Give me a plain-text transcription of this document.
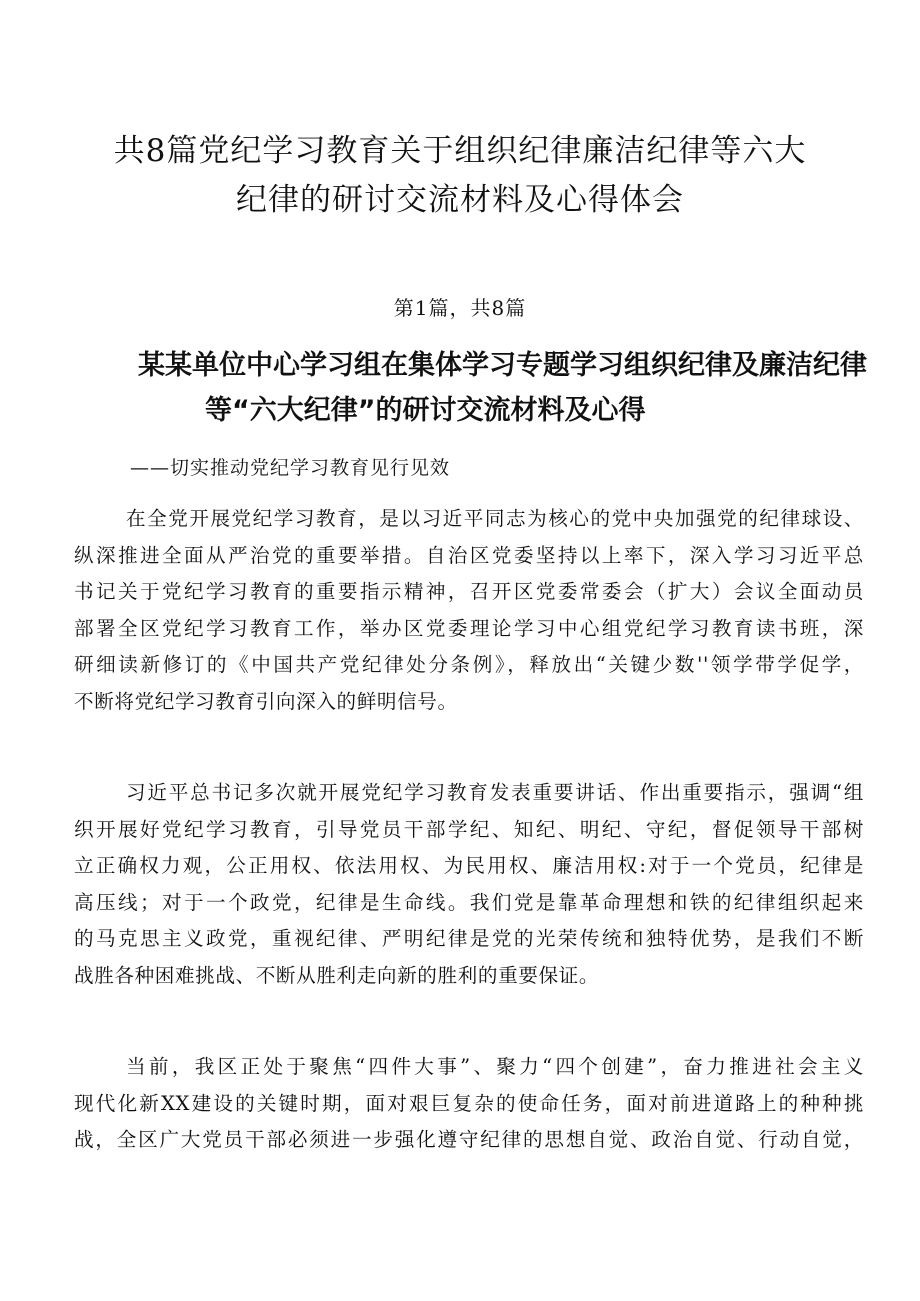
共8篇党纪学习教育关于组织纪律廉洁纪律等六大
纪律的研讨交流材料及心得体会
第1篇，共8篇
某某单位中心学习组在集体学习专题学习组织纪律及廉洁纪律
等“六大纪律”的研讨交流材料及心得
——切实推动党纪学习教育见行见效
在全党开展党纪学习教育，是以习近平同志为核心的党中央加强党的纪律球设、
纵深推进全面从严治党的重要举措。自治区党委坚持以上率下，深入学习习近平总
书记关于党纪学习教育的重要指示精神，召开区党委常委会（扩大）会议全面动员
部署全区党纪学习教育工作，举办区党委理论学习中心组党纪学习教育读书班，深
研细读新修订的《中国共产党纪律处分条例》，释放出“关键少数''领学带学促学，
不断将党纪学习教育引向深入的鲜明信号。
习近平总书记多次就开展党纪学习教育发表重要讲话、作出重要指示，强调“组
织开展好党纪学习教育，引导党员干部学纪、知纪、明纪、守纪，督促领导干部树
立正确权力观，公正用权、依法用权、为民用权、廉洁用权:对于一个党员，纪律是
高压线；对于一个政党，纪律是生命线。我们党是靠革命理想和铁的纪律组织起来
的马克思主义政党，重视纪律、严明纪律是党的光荣传统和独特优势，是我们不断
战胜各种困难挑战、不断从胜利走向新的胜利的重要保证。
当前，我区正处于聚焦“四件大事”、聚力“四个创建”，奋力推进社会主义
现代化新XX建设的关键时期，面对艰巨复杂的使命任务，面对前进道路上的种种挑
战，全区广大党员干部必须进一步强化遵守纪律的思想自觉、政治自觉、行动自觉，
